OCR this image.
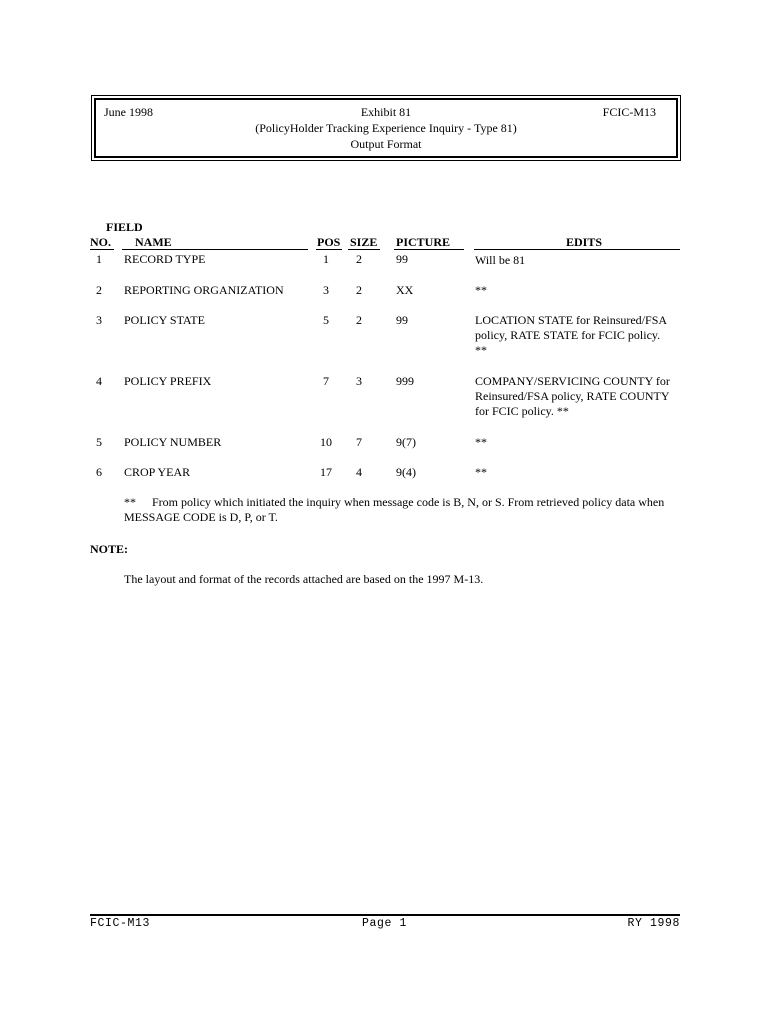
June 1998	FCIC-M13
Exhibit 81
(PolicyHolder Tracking Experience Inquiry - Type 81)
Output Format
FIELD
NO. NAME	POS SIZE PICTURE	EDITS
1 RECORD TYPE	1 2	99	Will be 81
2 REPORTING ORGANIZATION	3 2	XX	**
3 POLICY STATE	5 2	99	LOCATION STATE for Reinsured/FSA
policy, RATE STATE for FCIC policy.
**
4 POLICY PREFIX	7 3	999	COMPANY/SERVICING COUNTY for
Reinsured/FSA policy, RATE COUNTY
for FCIC policy. **
5 POLICY NUMBER	10 7	9(7)	**
6 CROP YEAR	17 4	9(4)	**
** From policy which initiated the inquiry when message code is B, N, or S. From retrieved policy data when
MESSAGE CODE is D, P, or T.
NOTE:
The layout and format of the records attached are based on the 1997 M-13.
FCIC-M13	Page 1	RY 1998
